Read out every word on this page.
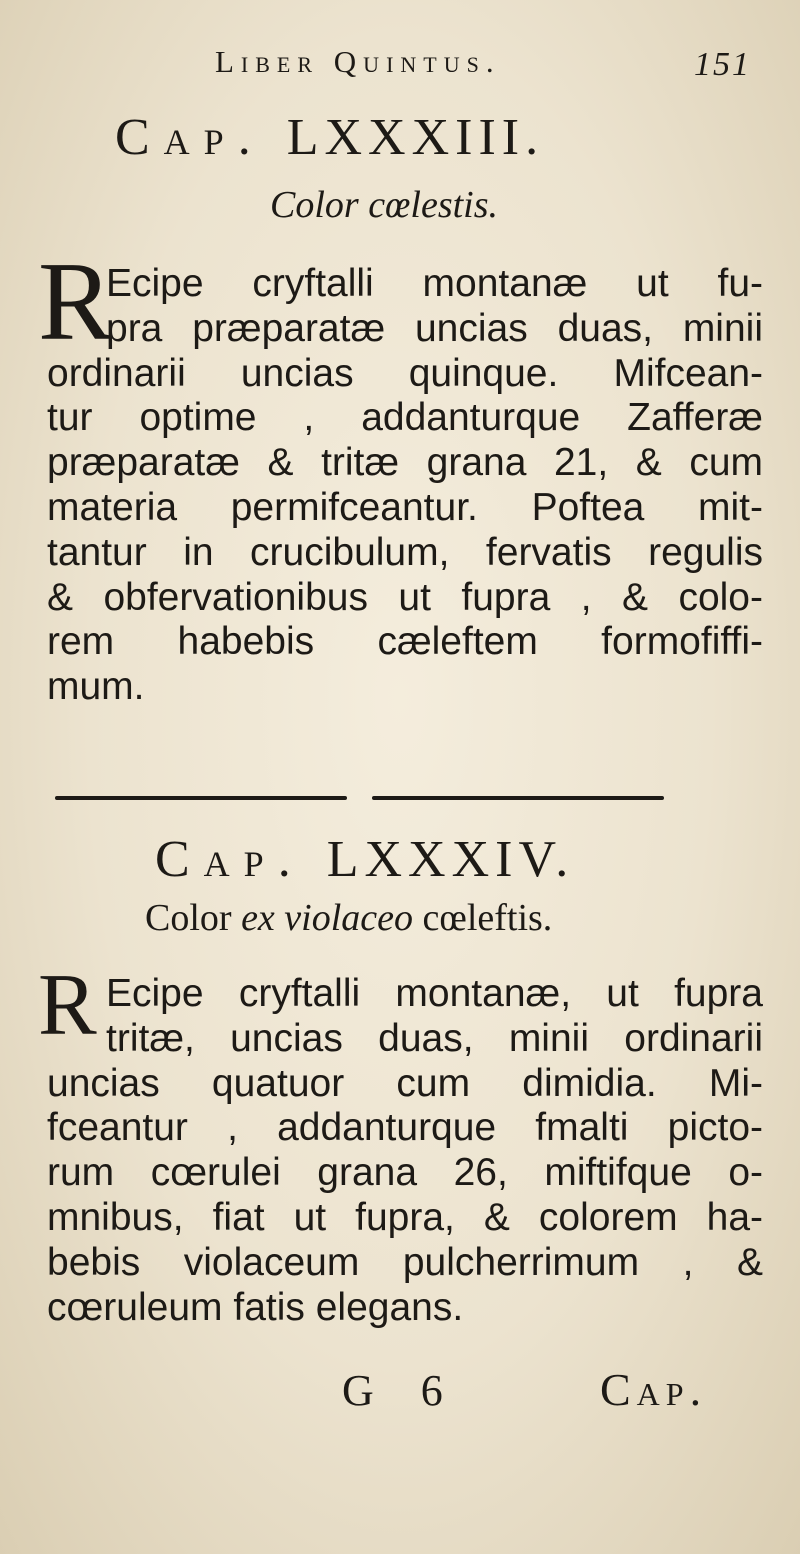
Liber Quintus.	151
Cap. LXXXIII.
Color cœlestis.
R
Ecipe cryftalli montanæ ut fu-
pra præparatæ uncias duas, minii
ordinarii uncias quinque. Mifcean-
tur optime , addanturque Zafferæ
præparatæ & tritæ grana 21, & cum
materia permifceantur. Poftea mit-
tantur in crucibulum, fervatis regulis
& obfervationibus ut fupra , & colo-
rem habebis cæleftem formofiffi-
mum.
Cap. LXXXIV.
Color ex violaceo cœleftis.
R Ecipe cryftalli montanæ, ut fupra
tritæ, uncias duas, minii ordinarii
uncias quatuor cum dimidia. Mi-
fceantur , addanturque fmalti pictο-
rum cœrulei grana 26, miftifque o-
mnibus, fiat ut fupra, & colorem ha-
bebis violaceum pulcherrimum , &
cœruleum fatis elegans.
G 6	Cap.
